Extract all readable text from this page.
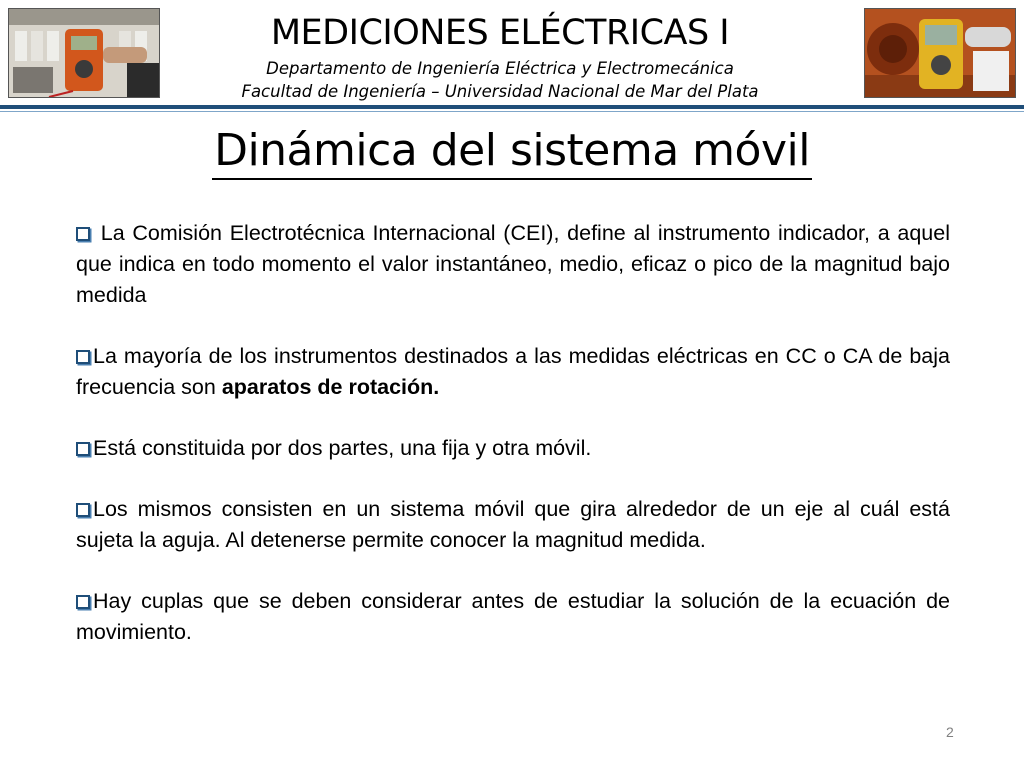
MEDICIONES ELÉCTRICAS I
Departamento de Ingeniería Eléctrica y Electromecánica
Facultad de Ingeniería – Universidad Nacional de Mar del Plata
Dinámica del sistema móvil

La Comisión Electrotécnica Internacional (CEI), define al instrumento indicador, a aquel que indica en todo momento el valor instantáneo, medio, eficaz o pico de la magnitud bajo medida

La mayoría de los instrumentos destinados a las medidas eléctricas en CC o CA de baja frecuencia son aparatos de rotación.

Está constituida por dos partes, una fija y otra móvil.

Los mismos consisten en un sistema móvil que gira alrededor de un eje al cuál está sujeta la aguja. Al detenerse permite conocer la magnitud medida.

Hay cuplas que se deben considerar antes de estudiar la solución de la ecuación de movimiento.

2
